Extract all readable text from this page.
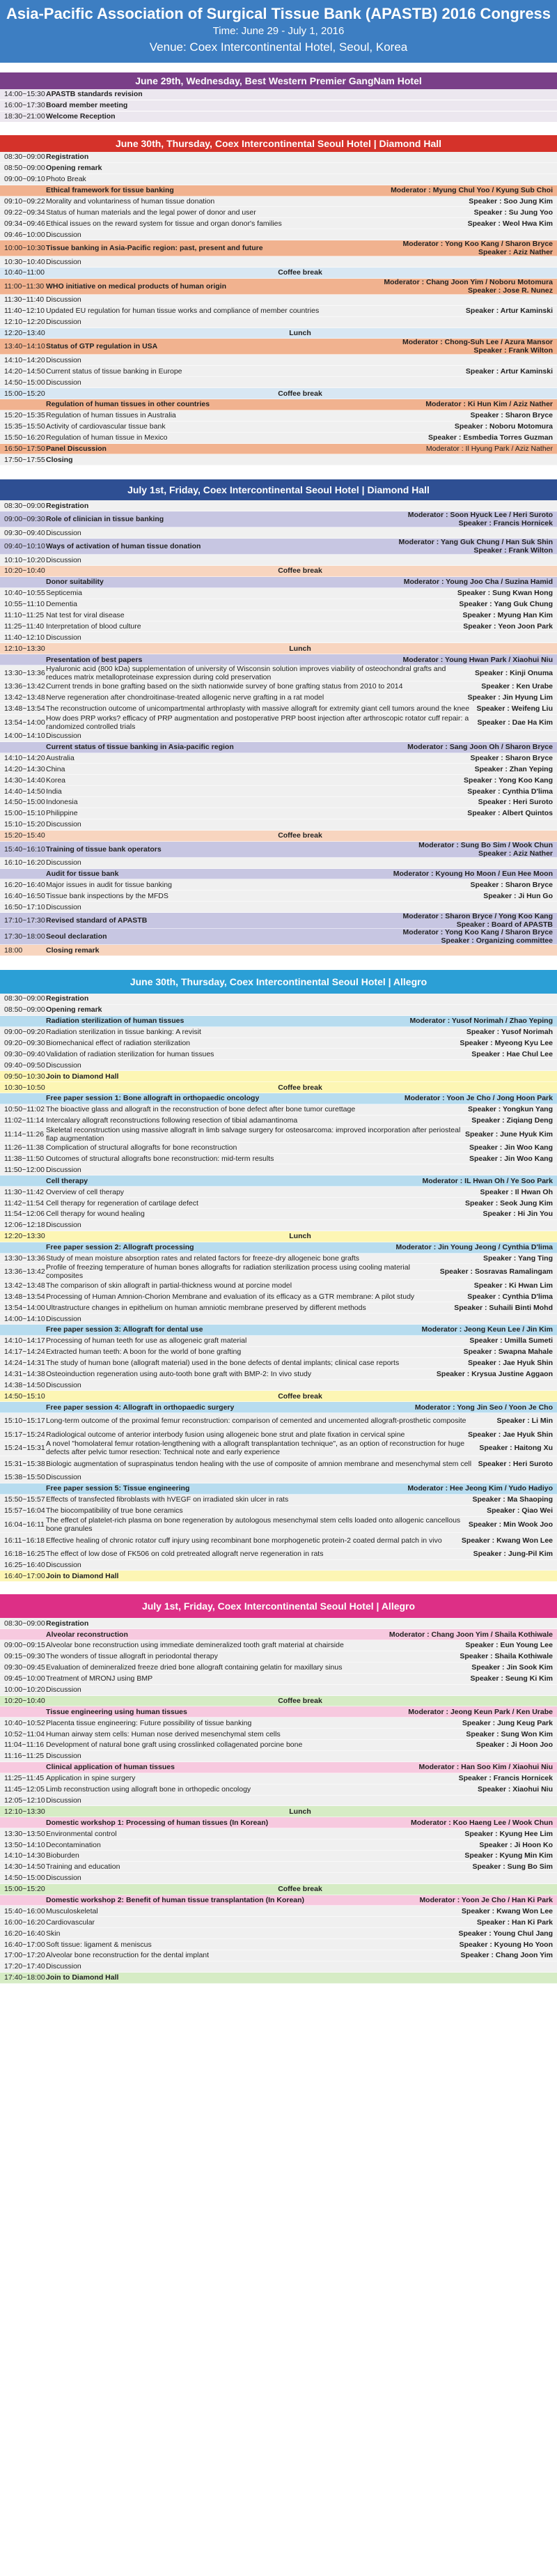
Asia-Pacific Association of Surgical Tissue Bank (APASTB) 2016 Congress
Time: June 29 - July 1, 2016
Venue: Coex Intercontinental Hotel, Seoul, Korea
June 29th, Wednesday, Best Western Premier GangNam Hotel
14:00~15:30 APASTB standards revision
16:00~17:30 Board member meeting
18:30~21:00 Welcome Reception
June 30th, Thursday, Coex Intercontinental Seoul Hotel | Diamond Hall
08:30~09:00 Registration
08:50~09:00 Opening remark
09:00~09:10 Photo Break
Ethical framework for tissue banking	Moderator : Myung Chul Yoo / Kyung Sub Choi
09:10~09:22 Morality and voluntariness of human tissue donation	Speaker : Soo Jung Kim
09:22~09:34 Status of human materials and the legal power of donor and user	Speaker : Su Jung Yoo
09:34~09:46 Ethical issues on the reward system for tissue and organ donor's families	Speaker : Weol Hwa Kim
09:46~10:00 Discussion
10:00~10:30 Tissue banking in Asia-Pacific region: past, present and future
Moderator : Yong Koo Kang / Sharon Bryce
Speaker : Aziz Nather
10:30~10:40 Discussion
10:40~11:00	Coffee break
11:00~11:30 WHO initiative on medical products of human origin
Moderator : Chang Joon Yim / Noboru Motomura
Speaker : Jose R. Nunez
11:30~11:40 Discussion
11:40~12:10 Updated EU regulation for human tissue works and compliance of member countries	Speaker : Artur Kaminski
12:10~12:20 Discussion
12:20~13:40	Lunch
13:40~14:10 Status of GTP regulation in USA
Moderator : Chong-Suh Lee / Azura Mansor
Speaker : Frank Wilton
14:10~14:20 Discussion
14:20~14:50 Current status of tissue banking in Europe	Speaker : Artur Kaminski
14:50~15:00 Discussion
15:00~15:20	Coffee break
Regulation of human tissues in other countries	Moderator : Ki Hun Kim / Aziz Nather
15:20~15:35 Regulation of human tissues in Australia	Speaker : Sharon Bryce
15:35~15:50 Activity of cardiovascular tissue bank	Speaker : Noboru Motomura
15:50~16:20 Regulation of human tissue in Mexico	Speaker : Esmbedia Torres Guzman
16:50~17:50 Panel Discussion	Moderator : Il Hyung Park / Aziz Nather
17:50~17:55 Closing
July 1st, Friday, Coex Intercontinental Seoul Hotel | Diamond Hall
08:30~09:00 Registration
09:00~09:30 Role of clinician in tissue banking
Moderator : Soon Hyuck Lee / Heri Suroto
Speaker : Francis Hornicek
09:30~09:40 Discussion
09:40~10:10 Ways of activation of human tissue donation
Moderator : Yang Guk Chung / Han Suk Shin
Speaker : Frank Wilton
10:10~10:20 Discussion
10:20~10:40	Coffee break
Donor suitability	Moderator : Young Joo Cha / Suzina Hamid
10:40~10:55 Septicemia	Speaker : Sung Kwan Hong
10:55~11:10 Dementia	Speaker : Yang Guk Chung
11:10~11:25 Nat test for viral disease	Speaker : Myung Han Kim
11:25~11:40 Interpretation of blood culture	Speaker : Yeon Joon Park
11:40~12:10 Discussion
12:10~13:30	Lunch
Presentation of best papers	Moderator : Young Hwan Park / Xiaohui Niu
13:30~13:36
Hyaluronic acid (800 kDa) supplementation of university of Wisconsin solution improves viability of osteochondral grafts and reduces matrix metalloproteinase expression during cold preservation
Speaker : Kinji Onuma
13:36~13:42 Current trends in bone grafting based on the sixth nationwide survey of bone grafting status from 2010 to 2014	Speaker : Ken Urabe
13:42~13:48 Nerve regeneration after chondroitinase-treated allogenic nerve grafting in a rat model	Speaker : Jin Hyung Lim
13:48~13:54 The reconstruction outcome of unicompartmental arthroplasty with massive allograft for extremity giant cell tumors around the knee Speaker : Weifeng Liu
13:54~14:00
How does PRP works? efficacy of PRP augmentation and postoperative PRP boost injection after arthroscopic rotator cuff repair: a randomized controlled trials
Speaker : Dae Ha Kim
14:00~14:10 Discussion
Current status of tissue banking in Asia-pacific region	Moderator : Sang Joon Oh / Sharon Bryce
14:10~14:20 Australia	Speaker : Sharon Bryce
14:20~14:30 China	Speaker : Zhan Yeping
14:30~14:40 Korea	Speaker : Yong Koo Kang
14:40~14:50 India	Speaker : Cynthia D'lima
14:50~15:00 Indonesia	Speaker : Heri Suroto
15:00~15:10 Philippine	Speaker : Albert Quintos
15:10~15:20 Discussion
15:20~15:40	Coffee break
15:40~16:10 Training of tissue bank operators
Moderator : Sung Bo Sim / Wook Chun
Speaker : Aziz Nather
16:10~16:20 Discussion
Audit for tissue bank	Moderator : Kyoung Ho Moon / Eun Hee Moon
16:20~16:40 Major issues in audit for tissue banking	Speaker : Sharon Bryce
16:40~16:50 Tissue bank inspections by the MFDS	Speaker : Ji Hun Go
16:50~17:10 Discussion
17:10~17:30 Revised standard of APASTB
Moderator : Sharon Bryce / Yong Koo Kang
Speaker : Board of APASTB
17:30~18:00 Seoul declaration
Moderator : Yong Koo Kang / Sharon Bryce
Speaker : Organizing committee
18:00	Closing remark
June 30th, Thursday, Coex Intercontinental Seoul Hotel | Allegro
08:30~09:00 Registration
08:50~09:00 Opening remark
Radiation sterilization of human tissues	Moderator : Yusof Norimah / Zhao Yeping
09:00~09:20 Radiation sterilization in tissue banking: A revisit	Speaker : Yusof Norimah
09:20~09:30 Biomechanical effect of radiation sterilization	Speaker : Myeong Kyu Lee
09:30~09:40 Validation of radiation sterilization for human tissues	Speaker : Hae Chul Lee
09:40~09:50 Discussion
09:50~10:30 Join to Diamond Hall
10:30~10:50	Coffee break
Free paper session 1: Bone allograft in orthopaedic oncology	Moderator : Yoon Je Cho / Jong Hoon Park
10:50~11:02 The bioactive glass and allograft in the reconstruction of bone defect after bone tumor curettage	Speaker : Yongkun Yang
11:02~11:14 Intercalary allograft reconstructions following resection of tibial adamantinoma	Speaker : Ziqiang Deng
11:14~11:26
Skeletal reconstruction using massive allograft in limb salvage surgery for osteosarcoma: improved incorporation after periosteal flap augmentation
Speaker : June Hyuk Kim
11:26~11:38 Complication of structural allografts for bone reconstruction	Speaker : Jin Woo Kang
11:38~11:50 Outcomes of structural allografts bone reconstruction: mid-term results	Speaker : Jin Woo Kang
11:50~12:00 Discussion
Cell therapy	Moderator : IL Hwan Oh / Ye Soo Park
11:30~11:42 Overview of cell therapy	Speaker : Il Hwan Oh
11:42~11:54 Cell therapy for regeneration of cartilage defect	Speaker : Seok Jung Kim
11:54~12:06 Cell therapy for wound healing	Speaker : Hi Jin You
12:06~12:18 Discussion
12:20~13:30	Lunch
Free paper session 2: Allograft processing	Moderator : Jin Young Jeong / Cynthia D'lima
13:30~13:36 Study of mean moisture absorption rates and related factors for freeze-dry allogeneic bone grafts	Speaker : Yang Ting
13:36~13:42
Profile of freezing temperature of human bones allografts for radiation sterilization process using cooling material composites
Speaker : Sosravas Ramalingam
13:42~13:48 The comparison of skin allograft in partial-thickness wound at porcine model	Speaker : Ki Hwan Lim
13:48~13:54 Processing of Human Amnion-Chorion Membrane and evaluation of its efficacy as a GTR membrane: A pilot study	Speaker : Cynthia D'lima
13:54~14:00 Ultrastructure changes in epithelium on human amniotic membrane preserved by different methods	Speaker : Suhaili Binti Mohd
14:00~14:10 Discussion
Free paper session 3: Allograft for dental use	Moderator : Jeong Keun Lee / Jin Kim
14:10~14:17 Processing of human teeth for use as allogeneic graft material	Speaker : Umilla Sumeti
14:17~14:24 Extracted human teeth: A boon for the world of bone grafting	Speaker : Swapna Mahale
14:24~14:31 The study of human bone (allograft material) used in the bone defects of dental implants; clinical case reports	Speaker : Jae Hyuk Shin
14:31~14:38 Osteoinduction regeneration using auto-tooth bone graft with BMP-2: In vivo study	Speaker : Krysua Justine Aggaon
14:38~14:50 Discussion
14:50~15:10	Coffee break
Free paper session 4: Allograft in orthopaedic surgery	Moderator : Yong Jin Seo / Yoon Je Cho
15:10~15:17 Long-term outcome of the proximal femur reconstruction: comparison of cemented and uncemented allograft-prosthetic composite	Speaker : Li Min
15:17~15:24 Radiological outcome of anterior interbody fusion using allogeneic bone strut and plate fixation in cervical spine	Speaker : Jae Hyuk Shin
15:24~15:31
A novel "homolateral femur rotation-lengthening with a allograft transplantation technique", as an option of reconstruction for huge defects after pelvic tumor resection: Technical note and early experience
Speaker : Haitong Xu
15:31~15:38 Biologic augmentation of supraspinatus tendon healing with the use of composite of amnion membrane and mesenchymal stem cell Speaker : Heri Suroto
15:38~15:50 Discussion
Free paper session 5: Tissue engineering	Moderator : Hee Jeong Kim / Yudo Hadiyo
15:50~15:57 Effects of transfected fibroblasts with hVEGF on irradiated skin ulcer in rats	Speaker : Ma Shaoping
15:57~16:04 The biocompatibility of true bone ceramics	Speaker : Qiao Wei
16:04~16:11
The effect of platelet-rich plasma on bone regeneration by autologous mesenchymal stem cells loaded onto allogenic cancellous bone granules
Speaker : Min Wook Joo
16:11~16:18 Effective healing of chronic rotator cuff injury using recombinant bone morphogenetic protein-2 coated dermal patch in vivo	Speaker : Kwang Won Lee
16:18~16:25 The effect of low dose of FK506 on cold pretreated allograft nerve regeneration in rats	Speaker : Jung-Pil Kim
16:25~16:40 Discussion
16:40~17:00 Join to Diamond Hall
July 1st, Friday, Coex Intercontinental Seoul Hotel | Allegro
08:30~09:00 Registration
Alveolar reconstruction	Moderator : Chang Joon Yim / Shaila Kothiwale
09:00~09:15 Alveolar bone reconstruction using immediate demineralized tooth graft material at chairside	Speaker : Eun Young Lee
09:15~09:30 The wonders of tissue allograft in periodontal therapy	Speaker : Shaila Kothiwale
09:30~09:45 Evaluation of demineralized freeze dried bone allograft containing gelatin for maxillary sinus	Speaker : Jin Sook Kim
09:45~10:00 Treatment of MRONJ using BMP	Speaker : Seung Ki Kim
10:00~10:20 Discussion
10:20~10:40	Coffee break
Tissue engineering using human tissues	Moderator : Jeong Keun Park / Ken Urabe
10:40~10:52 Placenta tissue engineering: Future possibility of tissue banking	Speaker : Jung Keug Park
10:52~11:04 Human airway stem cells: Human nose derived mesenchymal stem cells	Speaker : Sung Won Kim
11:04~11:16 Development of natural bone graft using crosslinked collagenated porcine bone	Speaker : Ji Hoon Joo
11:16~11:25 Discussion
Clinical application of human tissues	Moderator : Han Soo Kim / Xiaohui Niu
11:25~11:45 Application in spine surgery	Speaker : Francis Hornicek
11:45~12:05 Limb reconstruction using allograft bone in orthopedic oncology	Speaker : Xiaohui Niu
12:05~12:10 Discussion
12:10~13:30	Lunch
Domestic workshop 1: Processing of human tissues (In Korean)	Moderator : Koo Haeng Lee / Wook Chun
13:30~13:50 Environmental control	Speaker : Kyung Hee Lim
13:50~14:10 Decontamination	Speaker : Ji Hoon Ko
14:10~14:30 Bioburden	Speaker : Kyung Min Kim
14:30~14:50 Training and education	Speaker : Sung Bo Sim
14:50~15:00 Discussion
15:00~15:20	Coffee break
Domestic workshop 2: Benefit of human tissue transplantation (In Korean)	Moderator : Yoon Je Cho / Han Ki Park
15:40~16:00 Musculoskeletal	Speaker : Kwang Won Lee
16:00~16:20 Cardiovascular	Speaker : Han Ki Park
16:20~16:40 Skin	Speaker : Young Chul Jang
16:40~17:00 Soft tissue: ligament & meniscus	Speaker : Kyoung Ho Yoon
17:00~17:20 Alveolar bone reconstruction for the dental implant	Speaker : Chang Joon Yim
17:20~17:40 Discussion
17:40~18:00 Join to Diamond Hall
